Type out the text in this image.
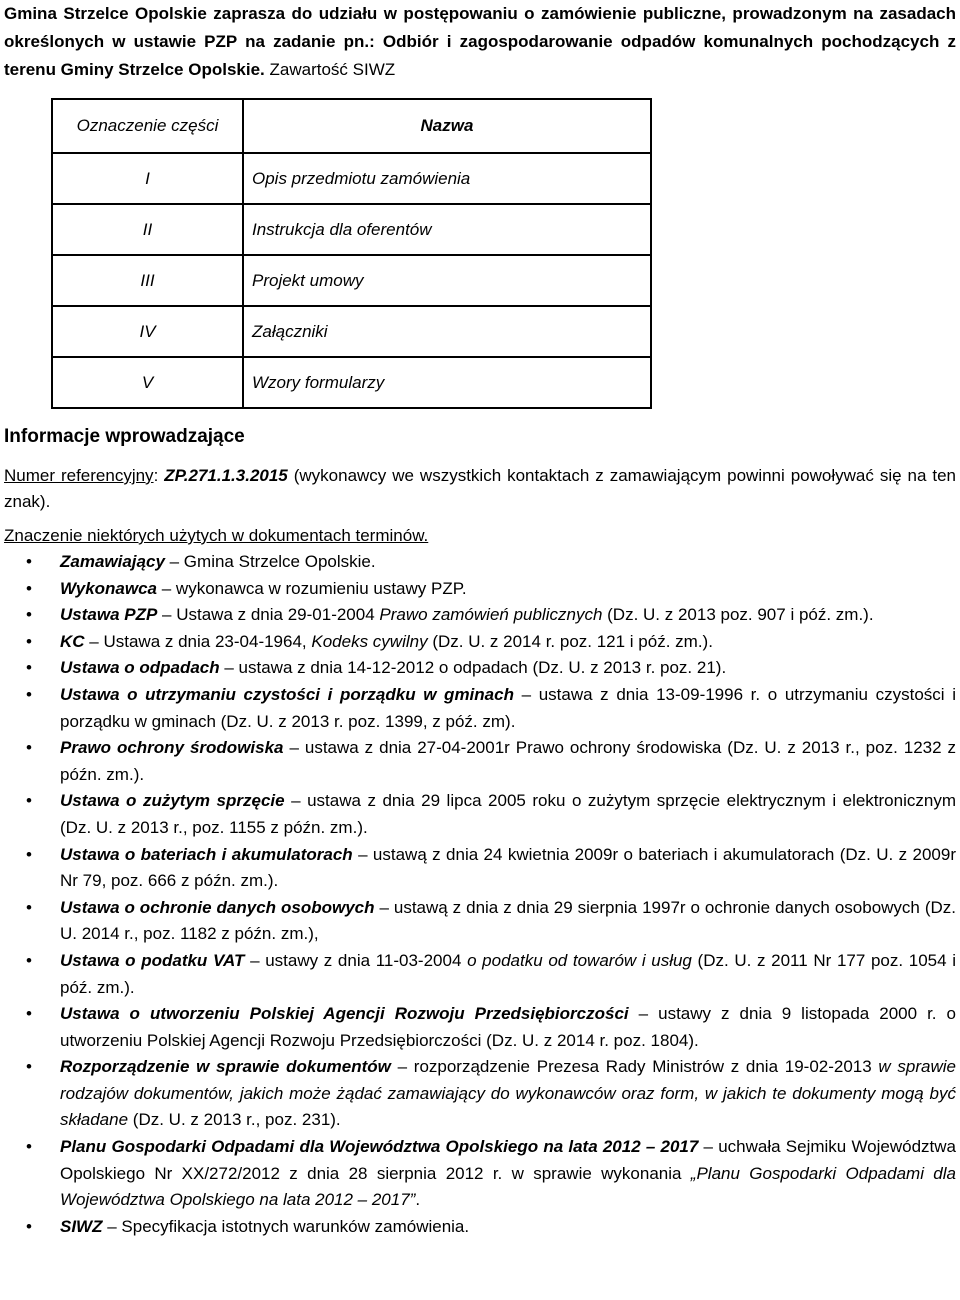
Gmina Strzelce Opolskie zaprasza do udziału w postępowaniu o zamówienie publiczne, prowadzonym na zasadach określonych w ustawie PZP na zadanie pn.: Odbiór i zagospodarowanie odpadów komunalnych pochodzących z terenu Gminy Strzelce Opolskie. Zawartość SIWZ

Oznaczenie części	Nazwa
I	Opis przedmiotu zamówienia
II	Instrukcja dla oferentów
III	Projekt umowy
IV	Załączniki
V	Wzory formularzy
Informacje wprowadzające

Numer referencyjny: ZP.271.1.3.2015 (wykonawcy we wszystkich kontaktach z zamawiającym powinni powoływać się na ten znak).

Znaczenie niektórych użytych w dokumentach terminów.

•	Zamawiający – Gmina Strzelce Opolskie.
•	Wykonawca – wykonawca w rozumieniu ustawy PZP.
•	Ustawa PZP – Ustawa z dnia 29-01-2004 Prawo zamówień publicznych (Dz. U. z 2013 poz. 907 i póź. zm.).
•	KC – Ustawa z dnia 23-04-1964, Kodeks cywilny (Dz. U. z 2014 r. poz. 121 i póź. zm.).
•	Ustawa o odpadach – ustawa z dnia 14-12-2012 o odpadach (Dz. U. z 2013 r. poz. 21).
•	Ustawa o utrzymaniu czystości i porządku w gminach – ustawa z dnia 13-09-1996 r. o utrzymaniu czystości i porządku w gminach (Dz. U. z 2013 r. poz. 1399, z póź. zm).
•	Prawo ochrony środowiska – ustawa z dnia 27-04-2001r Prawo ochrony środowiska (Dz. U. z 2013 r., poz. 1232 z późn. zm.).
•	Ustawa o zużytym sprzęcie – ustawa z dnia 29 lipca 2005 roku o zużytym sprzęcie elektrycznym i elektronicznym (Dz. U. z 2013 r., poz. 1155 z późn. zm.).
•	Ustawa o bateriach i akumulatorach – ustawą z dnia 24 kwietnia 2009r o bateriach i akumulatorach (Dz. U. z 2009r Nr 79, poz. 666 z późn. zm.).
•	Ustawa o ochronie danych osobowych – ustawą z dnia z dnia 29 sierpnia 1997r o ochronie danych osobowych (Dz. U. 2014 r., poz. 1182 z późn. zm.),
•	Ustawa o podatku VAT – ustawy z dnia 11-03-2004 o podatku od towarów i usług (Dz. U. z 2011 Nr 177 poz. 1054 i póź. zm.).
•	Ustawa o utworzeniu Polskiej Agencji Rozwoju Przedsiębiorczości – ustawy z dnia 9 listopada 2000 r. o utworzeniu Polskiej Agencji Rozwoju Przedsiębiorczości (Dz. U. z 2014 r. poz. 1804).
•	Rozporządzenie w sprawie dokumentów – rozporządzenie Prezesa Rady Ministrów z dnia 19-02-2013 w sprawie rodzajów dokumentów, jakich może żądać zamawiający do wykonawców oraz form, w jakich te dokumenty mogą być składane (Dz. U. z 2013 r., poz. 231).
•	Planu Gospodarki Odpadami dla Województwa Opolskiego na lata 2012 – 2017 – uchwała Sejmiku Województwa Opolskiego Nr XX/272/2012 z dnia 28 sierpnia 2012 r. w sprawie wykonania „Planu Gospodarki Odpadami dla Województwa Opolskiego na lata 2012 – 2017”.
•	SIWZ – Specyfikacja istotnych warunków zamówienia.
